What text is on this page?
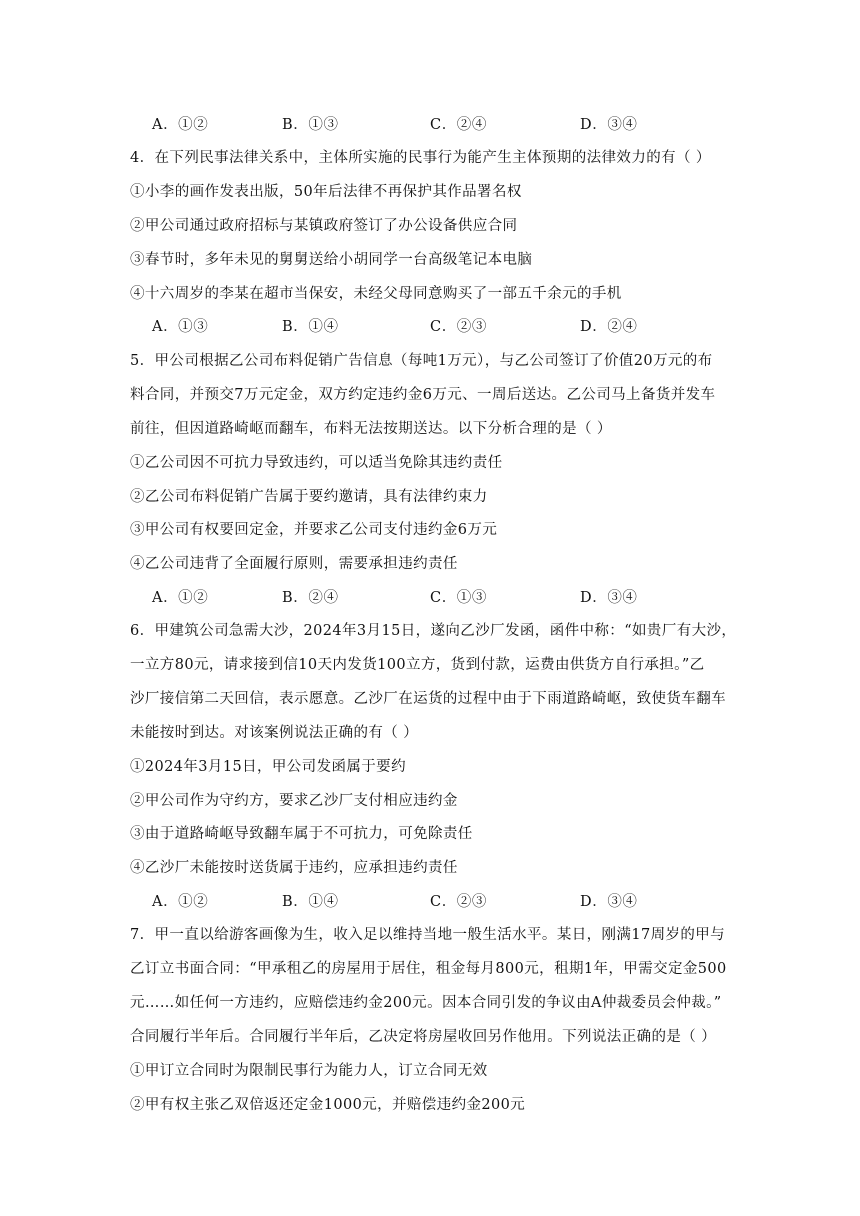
A．①②	B．①③	C．②④	D．③④
4．在下列民事法律关系中，主体所实施的民事行为能产生主体预期的法律效力的有（ ）
①小李的画作发表出版，50年后法律不再保护其作品署名权
②甲公司通过政府招标与某镇政府签订了办公设备供应合同
③春节时，多年未见的舅舅送给小胡同学一台高级笔记本电脑
④十六周岁的李某在超市当保安，未经父母同意购买了一部五千余元的手机
A．①③	B．①④	C．②③	D．②④
5．甲公司根据乙公司布料促销广告信息（每吨1万元），与乙公司签订了价值20万元的布
料合同，并预交7万元定金，双方约定违约金6万元、一周后送达。乙公司马上备货并发车
前往，但因道路崎岖而翻车，布料无法按期送达。以下分析合理的是（ ）
①乙公司因不可抗力导致违约，可以适当免除其违约责任
②乙公司布料促销广告属于要约邀请，具有法律约束力
③甲公司有权要回定金，并要求乙公司支付违约金6万元
④乙公司违背了全面履行原则，需要承担违约责任
A．①②	B．②④	C．①③	D．③④
6．甲建筑公司急需大沙，2024年3月15日，遂向乙沙厂发函，函件中称：“如贵厂有大沙，
一立方80元，请求接到信10天内发货100立方，货到付款，运费由供货方自行承担。”乙
沙厂接信第二天回信，表示愿意。乙沙厂在运货的过程中由于下雨道路崎岖，致使货车翻车
未能按时到达。对该案例说法正确的有（ ）
①2024年3月15日，甲公司发函属于要约
②甲公司作为守约方，要求乙沙厂支付相应违约金
③由于道路崎岖导致翻车属于不可抗力，可免除责任
④乙沙厂未能按时送货属于违约，应承担违约责任
A．①②	B．①④	C．②③	D．③④
7．甲一直以给游客画像为生，收入足以维持当地一般生活水平。某日，刚满17周岁的甲与
乙订立书面合同：“甲承租乙的房屋用于居住，租金每月800元，租期1年，甲需交定金500
元……如任何一方违约，应赔偿违约金200元。因本合同引发的争议由A仲裁委员会仲裁。”
合同履行半年后。合同履行半年后，乙决定将房屋收回另作他用。下列说法正确的是（ ）
①甲订立合同时为限制民事行为能力人，订立合同无效
②甲有权主张乙双倍返还定金1000元，并赔偿违约金200元
